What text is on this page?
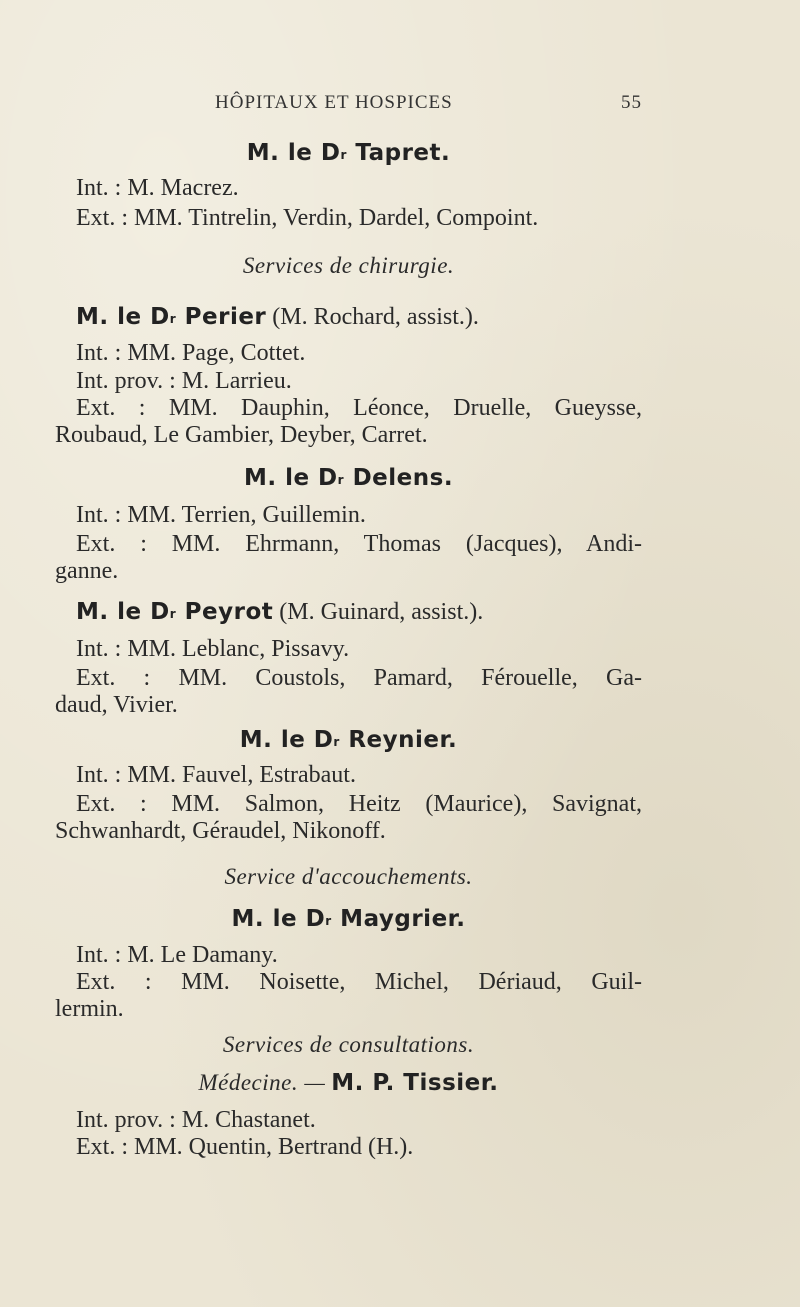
HÔPITAUX ET HOSPICES	55
M. le $D^r$ Tapret.
Int. : M. Macrez.
Ext. : MM. Tintrelin, Verdin, Dardel, Compoint.
Services de chirurgie.
M. le $D^r$ Perier (M. Rochard, assist.).
Int. : MM. Page, Cottet.
Int. prov. : M. Larrieu.
Ext. : MM. Dauphin, Léonce, Druelle, Gueysse,
Roubaud, Le Gambier, Deyber, Carret.
M. le $D^r$ Delens.
Int. : MM. Terrien, Guillemin.
Ext. : MM. Ehrmann, Thomas (Jacques), Andi-
ganne.
M. le $D^r$ Peyrot (M. Guinard, assist.).
Int. : MM. Leblanc, Pissavy.
Ext. : MM. Coustols, Pamard, Férouelle, Ga-
daud, Vivier.
M. le $D^r$ Reynier.
Int. : MM. Fauvel, Estrabaut.
Ext. : MM. Salmon, Heitz (Maurice), Savignat,
Schwanhardt, Géraudel, Nikonoff.
Service d'accouchements.
M. le $D^r$ Maygrier.
Int. : M. Le Damany.
Ext. : MM. Noisette, Michel, Dériaud, Guil-
lermin.
Services de consultations.
Médecine. — M. P. Tissier.
Int. prov. : M. Chastanet.
Ext. : MM. Quentin, Bertrand (H.).
